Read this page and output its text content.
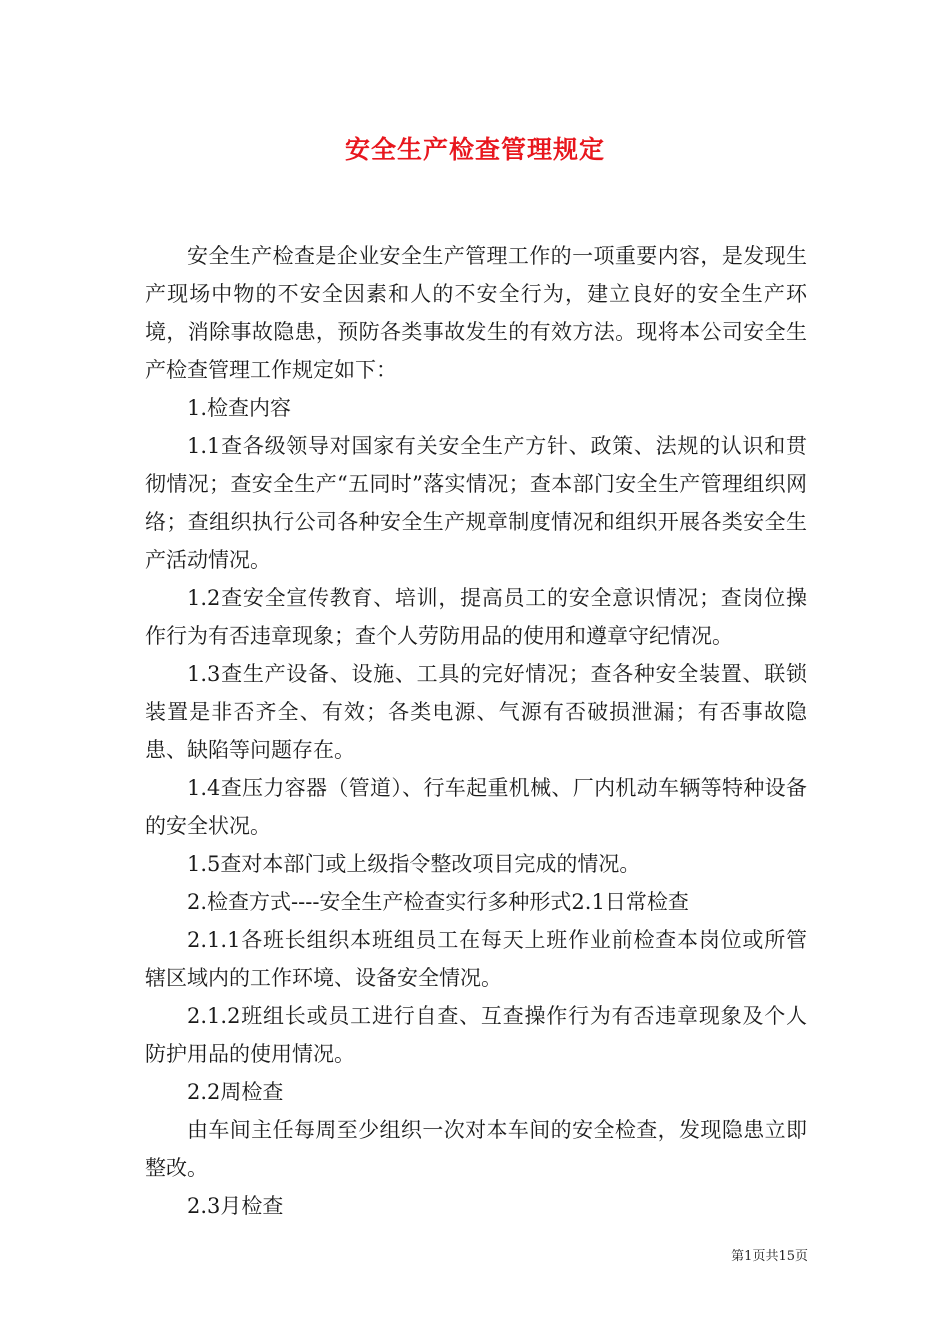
安全生产检查管理规定

安全生产检查是企业安全生产管理工作的一项重要内容，是发现生产现场中物的不安全因素和人的不安全行为，建立良好的安全生产环境，消除事故隐患，预防各类事故发生的有效方法。现将本公司安全生产检查管理工作规定如下：

1.检查内容

1.1查各级领导对国家有关安全生产方针、政策、法规的认识和贯彻情况；查安全生产“五同时”落实情况；查本部门安全生产管理组织网络；查组织执行公司各种安全生产规章制度情况和组织开展各类安全生产活动情况。

1.2查安全宣传教育、培训，提高员工的安全意识情况；查岗位操作行为有否违章现象；查个人劳防用品的使用和遵章守纪情况。

1.3查生产设备、设施、工具的完好情况；查各种安全装置、联锁装置是非否齐全、有效；各类电源、气源有否破损泄漏；有否事故隐患、缺陷等问题存在。

1.4查压力容器（管道）、行车起重机械、厂内机动车辆等特种设备的安全状况。

1.5查对本部门或上级指令整改项目完成的情况。

2.检查方式----安全生产检查实行多种形式2.1日常检查

2.1.1各班长组织本班组员工在每天上班作业前检查本岗位或所管辖区域内的工作环境、设备安全情况。

2.1.2班组长或员工进行自查、互查操作行为有否违章现象及个人防护用品的使用情况。

2.2周检查

由车间主任每周至少组织一次对本车间的安全检查，发现隐患立即整改。

2.3月检查

第1页共15页
